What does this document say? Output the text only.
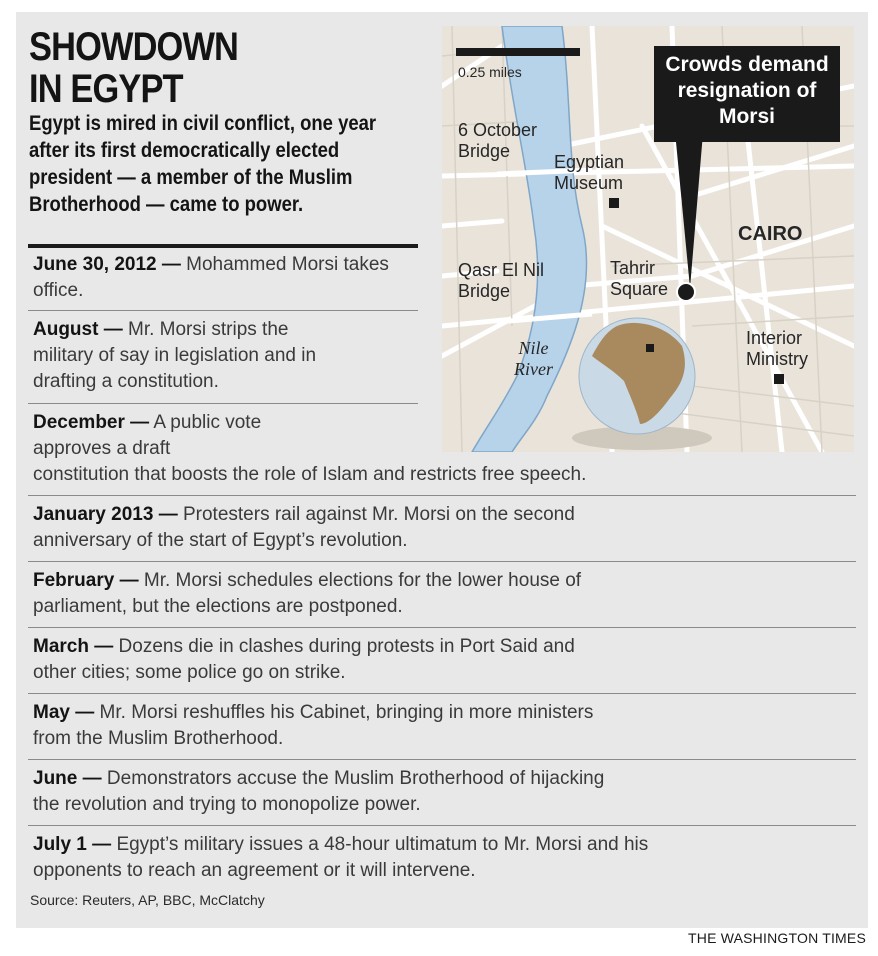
SHOWDOWN
IN EGYPT
Egypt is mired in civil conflict, one year after its first democratically elected president — a member of the Muslim Brotherhood — came to power.
June 30, 2012 — Mohammed Morsi takes office.
August — Mr. Morsi strips the military of say in legislation and in drafting a constitution.
December — A public vote approves a draft
constitution that boosts the role of Islam and restricts free speech.
January 2013 — Protesters rail against Mr. Morsi on the second anniversary of the start of Egypt’s revolution.
February — Mr. Morsi schedules elections for the lower house of parliament, but the elections are postponed.
March — Dozens die in clashes during protests in Port Said and other cities; some police go on strike.
May — Mr. Morsi reshuffles his Cabinet, bringing in more ministers from the Muslim Brotherhood.
June — Demonstrators accuse the Muslim Brotherhood of hijacking the revolution and trying to monopolize power.
July 1 — Egypt’s military issues a 48-hour ultimatum to Mr. Morsi and his opponents to reach an agreement or it will intervene.
Source: Reuters, AP, BBC, McClatchy
THE WASHINGTON TIMES
0.25 miles
6 October
Bridge
Egyptian
Museum
CAIRO
Qasr El Nil
Bridge
Tahrir
Square
Nile
River
Interior
Ministry
Crowds demand
resignation of
Morsi
